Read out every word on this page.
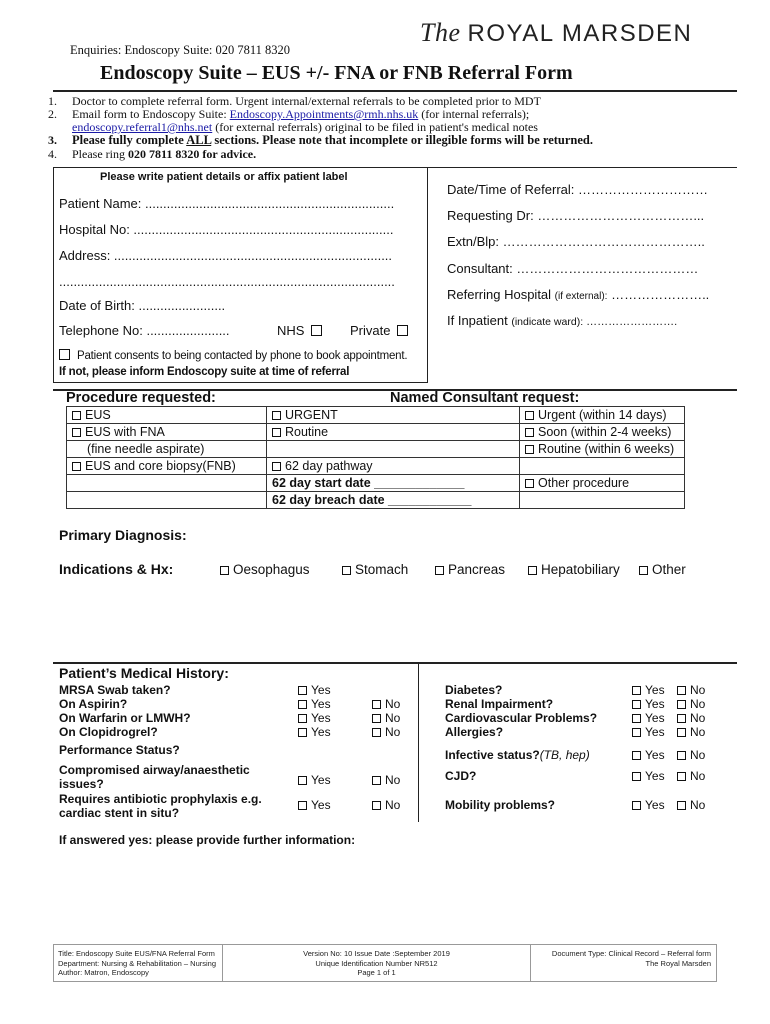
Enquiries: Endoscopy Suite: 020 7811 8320
The ROYAL MARSDEN
Endoscopy Suite – EUS +/- FNA or FNB Referral Form
1. Doctor to complete referral form. Urgent internal/external referrals to be completed prior to MDT
2. Email form to Endoscopy Suite: Endoscopy.Appointments@rmh.nhs.uk (for internal referrals);
endoscopy.referral1@nhs.net (for external referrals) original to be filed in patient's medical notes
3. Please fully complete ALL sections. Please note that incomplete or illegible forms will be returned.
4. Please ring 020 7811 8320 for advice.
Please write patient details or affix patient label
Patient Name: .....................................................................
Hospital No: ........................................................................
Address: .............................................................................
.............................................................................................
Date of Birth: ........................
Telephone No: .......................	NHS	Private
Patient consents to being contacted by phone to book appointment.
If not, please inform Endoscopy suite at time of referral
Date/Time of Referral: …………………………
Requesting Dr: ………………………………...
Extn/Blp: ………………………………………..
Consultant: ……………………………………
Referring Hospital (if external): …………………..
If Inpatient (indicate ward): …………………….
Procedure requested:	Named Consultant request:
EUS	URGENT	Urgent (within 14 days)
EUS with FNA	Routine	Soon (within 2-4 weeks)
(fine needle aspirate)		Routine (within 6 weeks)
EUS and core biopsy(FNB)	62 day pathway	
	62 day start date _____________	Other procedure
	62 day breach date ____________	
Primary Diagnosis:
Indications & Hx:	Oesophagus	Stomach	Pancreas	Hepatobiliary	Other
Patient’s Medical History:
MRSA Swab taken?	Yes
On Aspirin?	Yes	No
On Warfarin or LMWH?	Yes	No
On Clopidrogrel?	Yes	No
Performance Status?
Compromised airway/anaesthetic
issues?	Yes	No
Requires antibiotic prophylaxis e.g.
cardiac stent in situ?
Yes	No
Diabetes?	Yes	No
Renal Impairment?	Yes	No
Cardiovascular Problems?	Yes	No
Allergies?	Yes	No
Infective status?(TB, hep)	Yes	No
CJD?	Yes	No
Mobility problems?	Yes	No
If answered yes: please provide further information:
Title: Endoscopy Suite EUS/FNA Referral Form
Department: Nursing & Rehabilitation – Nursing
Author: Matron, Endoscopy
Version No: 10 Issue Date :September 2019
Unique Identification Number NR512
Page 1 of 1
Document Type: Clinical Record – Referral form
The Royal Marsden
